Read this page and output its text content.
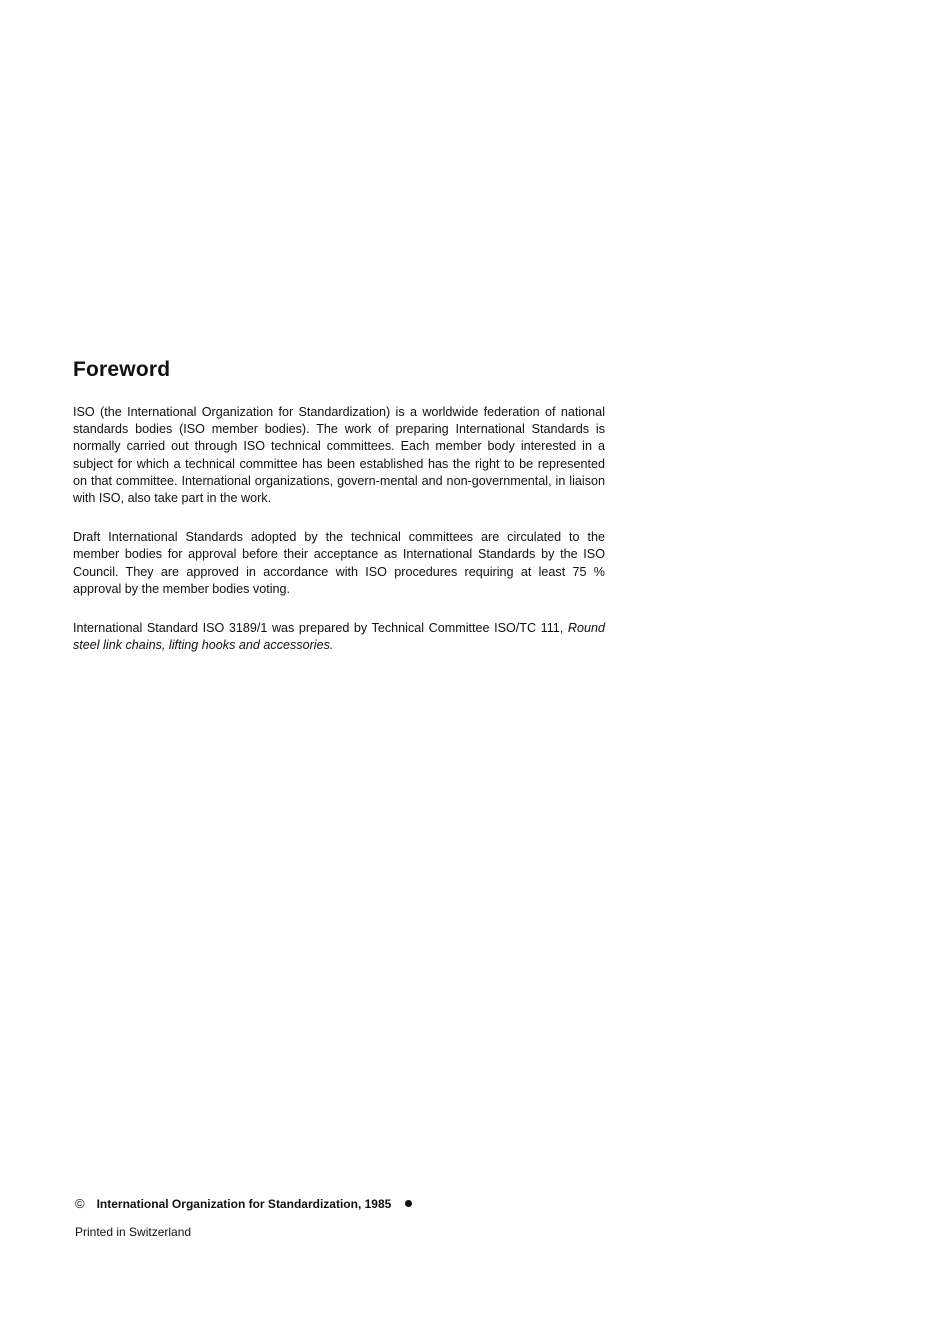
Foreword

ISO (the International Organization for Standardization) is a worldwide federation of national standards bodies (ISO member bodies). The work of preparing International Standards is normally carried out through ISO technical committees. Each member body interested in a subject for which a technical committee has been established has the right to be represented on that committee. International organizations, govern-mental and non-governmental, in liaison with ISO, also take part in the work.

Draft International Standards adopted by the technical committees are circulated to the member bodies for approval before their acceptance as International Standards by the ISO Council. They are approved in accordance with ISO procedures requiring at least 75 % approval by the member bodies voting.

International Standard ISO 3189/1 was prepared by Technical Committee ISO/TC 111, Round steel link chains, lifting hooks and accessories.

© International Organization for Standardization, 1985
Printed in Switzerland
